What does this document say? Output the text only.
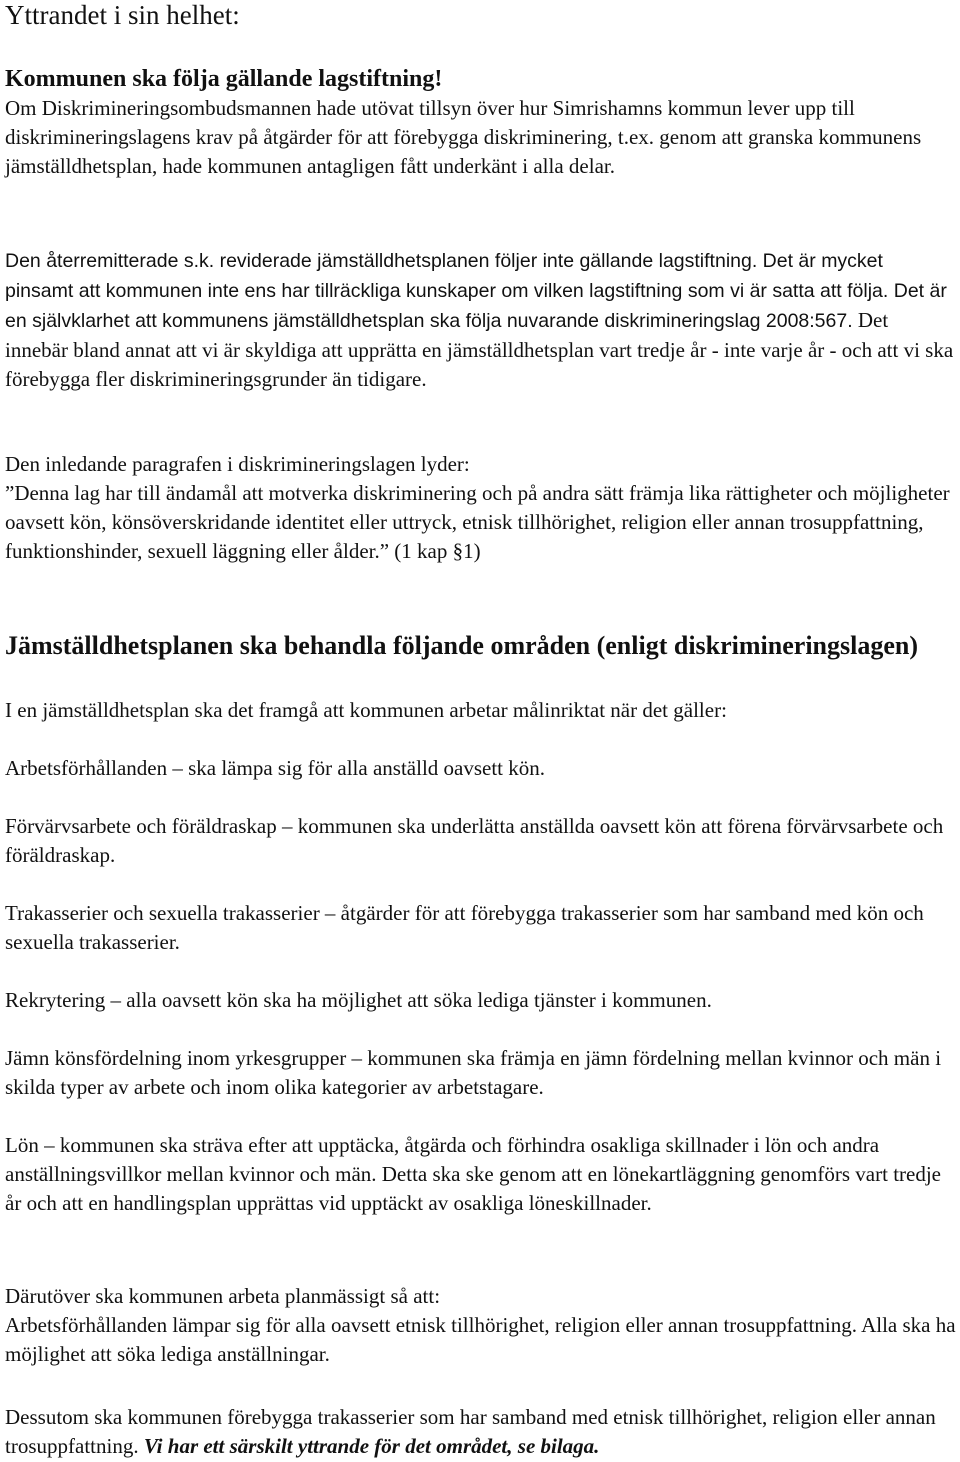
Yttrandet i sin helhet:

Kommunen ska följa gällande lagstiftning!

Om Diskrimineringsombudsmannen hade utövat tillsyn över hur Simrishamns kommun lever upp till diskrimineringslagens krav på åtgärder för att förebygga diskriminering, t.ex. genom att granska kommunens jämställdhetsplan, hade kommunen antagligen fått underkänt i alla delar.

Den återremitterade s.k. reviderade jämställdhetsplanen följer inte gällande lagstiftning. Det är mycket pinsamt att kommunen inte ens har tillräckliga kunskaper om vilken lagstiftning som vi är satta att följa. Det är en självklarhet att kommunens jämställdhetsplan ska följa nuvarande diskrimineringslag 2008:567. Det innebär bland annat att vi är skyldiga att upprätta en jämställdhetsplan vart tredje år - inte varje år - och att vi ska förebygga fler diskrimineringsgrunder än tidigare.

Den inledande paragrafen i diskrimineringslagen lyder:

”Denna lag har till ändamål att motverka diskriminering och på andra sätt främja lika rättigheter och möjligheter oavsett kön, könsöverskridande identitet eller uttryck, etnisk tillhörighet, religion eller annan trosuppfattning, funktionshinder, sexuell läggning eller ålder.” (1 kap §1)

Jämställdhetsplanen ska behandla följande områden (enligt diskrimineringslagen)

I en jämställdhetsplan ska det framgå att kommunen arbetar målinriktat när det gäller:

Arbetsförhållanden – ska lämpa sig för alla anställd oavsett kön.

Förvärvsarbete och föräldraskap – kommunen ska underlätta anställda oavsett kön att förena förvärvsarbete och föräldraskap.

Trakasserier och sexuella trakasserier – åtgärder för att förebygga trakasserier som har samband med kön och sexuella trakasserier.

Rekrytering – alla oavsett kön ska ha möjlighet att söka lediga tjänster i kommunen.

Jämn könsfördelning inom yrkesgrupper – kommunen ska främja en jämn fördelning mellan kvinnor och män i skilda typer av arbete och inom olika kategorier av arbetstagare.

Lön – kommunen ska sträva efter att upptäcka, åtgärda och förhindra osakliga skillnader i lön och andra anställningsvillkor mellan kvinnor och män. Detta ska ske genom att en lönekartläggning genomförs vart tredje år och att en handlingsplan upprättas vid upptäckt av osakliga löneskillnader.

Därutöver ska kommunen arbeta planmässigt så att:

Arbetsförhållanden lämpar sig för alla oavsett etnisk tillhörighet, religion eller annan trosuppfattning. Alla ska ha möjlighet att söka lediga anställningar.

Dessutom ska kommunen förebygga trakasserier som har samband med etnisk tillhörighet, religion eller annan trosuppfattning. Vi har ett särskilt yttrande för det området, se bilaga.
